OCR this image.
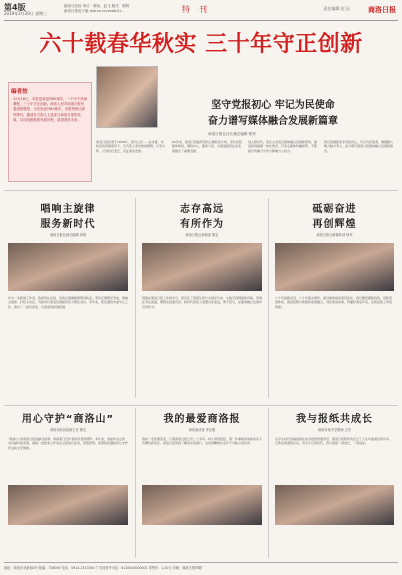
第4版
2019年3月20日 星期三
新闻与纪检 采访：陈伟，赵飞 版式：陈阿
新洛日报电子版 dzb.sn.cn/xzwb/1/...	特刊	责任编辑 赵 辰	商洛日报
六十载春华秋实 三十年守正创新
编者按
12月16日，本报迎来创刊60周年，一个甲子风雨兼程，三十年守正创新。商洛人民对商洛日报有着深厚感情，为庆祝创刊60周年，本报特推出系列特刊，邀请各方面人士讲述与商洛日报的故事，共同回顾报纸发展历程，展望美好未来。
坚守党报初心 牢记为民使命
奋力谱写媒体融合发展新篇章
商洛日报社社长兼总编辑 程军
商洛日报社建于1958年，创刊之初……在市委、市政府的坚强领导下，几代报人坚守新闻理想，以笔为犁，记录时代变迁，见证商洛发展。
60年来，商洛日报始终坚持正确政治方向，坚持党管媒体原则，围绕中心，服务大局，为商洛经济社会发展做出了重要贡献。
进入新时代，报社主动适应媒体融合发展新形势，推进报网端微一体化建设，打造全媒体传播矩阵，不断提升传播力引导力影响力公信力。
我们将继续坚守党报初心，牢记为民使命，增强脚力眼力脑力笔力，奋力谱写商洛日报媒体融合发展新篇章。
唱响主旋律
服务新时代
商洛日报社副总编辑 刘明
作为一名新闻工作者，我深刻认识到，党报必须旗帜鲜明讲政治，坚持正确舆论导向，唱响主旋律，打好主动仗，为新时代商洛发展提供有力舆论支持。多年来，报社围绕市委中心工作，推出了一批有深度、有温度的新闻报道。
志存高远
有所作为
商洛日报社新闻部 陈宏
回顾在商洛日报工作的岁月，我见证了报纸从铅与火到光与电、从数字到网络的历程。青春在笔尖流淌，理想在版面闪光。新时代的报人更要志存高远，勇于担当，在媒体融合发展中有所作为。
砥砺奋进
再创辉煌
商洛日报社新媒体部 杨军
六十年砥砺奋进，六十年薪火相传。面对媒体格局深刻变化，我们要把握新趋势，创新话语体系，推进报纸与新媒体深度融合，讲好商洛故事，传播好商洛声音，在新征程上再创辉煌。
用心守护“商洛山”
商洛市政协原副主任 鲁宏
“商洛山”是商洛日报的副刊品牌，承载着几代作者和读者的情怀。多年来，我始终关注和支持副刊的发展，看到一批批本土作家在这里成长起来，倍感欣慰。希望报社继续用心守护好这块文学园地。
我的最爱商洛报
商洛某读者 李志刚
我是一名普通读者，订阅商洛日报已有二十多年。每天拿到报纸，第一件事就是看看家乡又有哪些新变化。商洛日报是我了解家乡的窗口，也是我精神生活中不可缺少的伙伴。
我与报纸共成长
商洛市某中学教师 王芳
从学生时代投稿到现在成为报纸的通讯员，商洛日报陪伴我走过了人生中最美好的年华。它教会我观察生活，用文字记录时代，我与报纸一同成长，一同进步。
地址：商洛市北新街4号 邮编：726000 电话：0914-2313340 广告经营许可证：6110004000001 零售价：1.00元 印刷：商洛日报印刷厂
